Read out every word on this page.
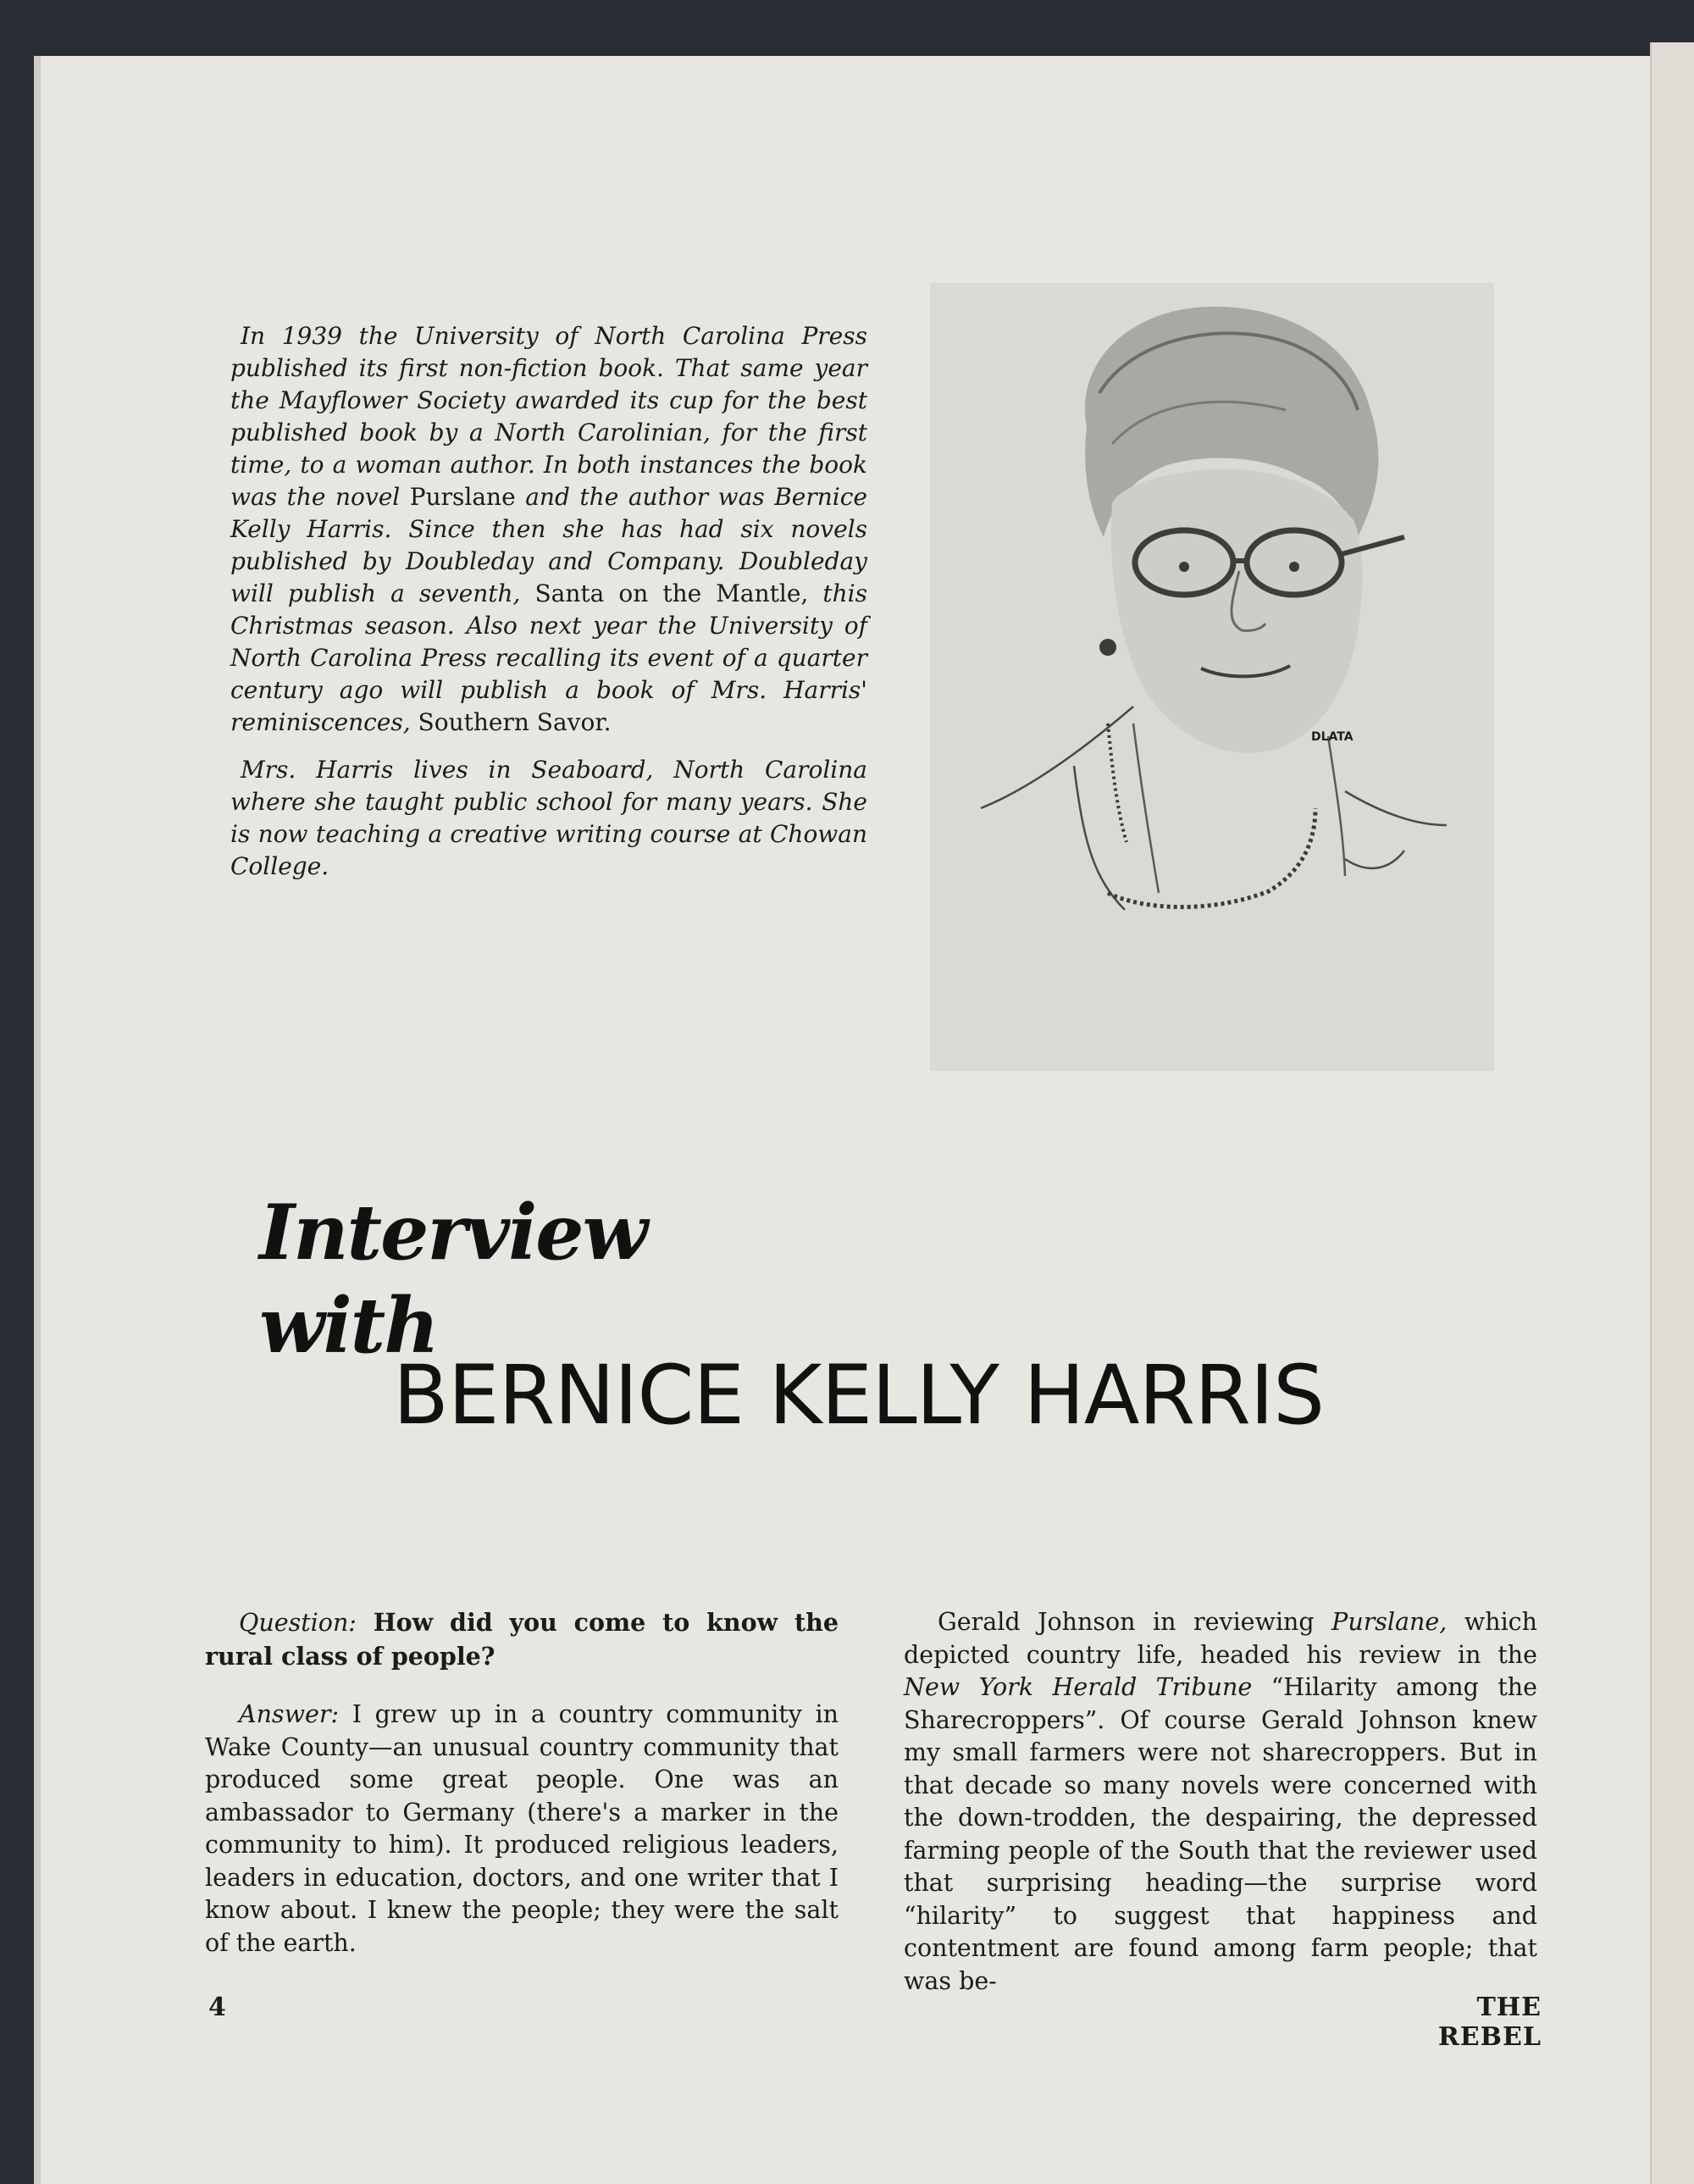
In 1939 the University of North Carolina Press published its first non-fiction book. That same year the Mayflower Society awarded its cup for the best published book by a North Carolinian, for the first time, to a woman author. In both instances the book was the novel Purslane and the author was Bernice Kelly Harris. Since then she has had six novels published by Doubleday and Company. Doubleday will publish a seventh, Santa on the Mantle, this Christmas season. Also next year the University of North Carolina Press recalling its event of a quarter century ago will publish a book of Mrs. Harris' reminiscences, Southern Savor.

Mrs. Harris lives in Seaboard, North Carolina where she taught public school for many years. She is now teaching a creative writing course at Chowan College.

DLATA
Interview with
BERNICE KELLY HARRIS

Question: How did you come to know the rural class of people?

Answer: I grew up in a country community in Wake County—an unusual country community that produced some great people. One was an ambassador to Germany (there's a marker in the community to him). It produced religious leaders, leaders in education, doctors, and one writer that I know about. I knew the people; they were the salt of the earth.

Gerald Johnson in reviewing Purslane, which depicted country life, headed his review in the New York Herald Tribune “Hilarity among the Sharecroppers”. Of course Gerald Johnson knew my small farmers were not sharecroppers. But in that decade so many novels were concerned with the down-trodden, the despairing, the depressed farming people of the South that the reviewer used that surprising heading—the surprise word “hilarity” to suggest that happiness and contentment are found among farm people; that was be-

4	THE REBEL
